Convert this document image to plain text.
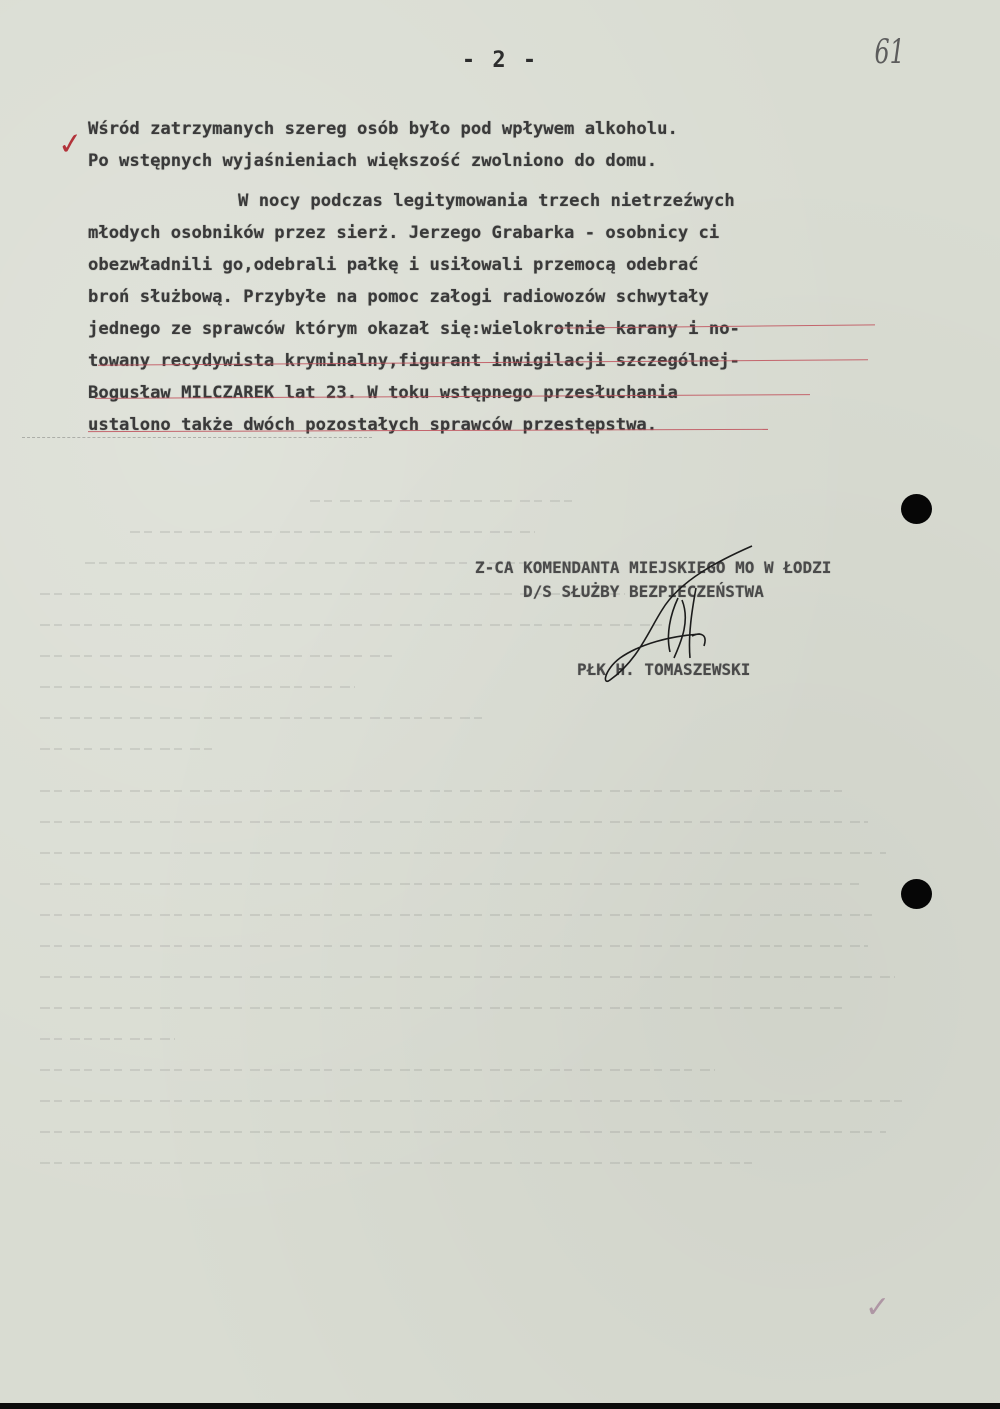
- 2 -	61
✓ Wśród zatrzymanych szereg osób było pod wpływem alkoholu.

Po wstępnych wyjaśnieniach większość zwolniono do domu.

W nocy podczas legitymowania trzech nietrzeźwych

młodych osobników przez sierż. Jerzego Grabarka - osobnicy ci

obezwładnili go,odebrali pałkę i usiłowali przemocą odebrać

broń służbową. Przybyłe na pomoc załogi radiowozów schwytały

jednego ze sprawców którym okazał się:wielokrotnie karany i no-

towany recydywista kryminalny,figurant inwigilacji szczególnej-

Bogusław MILCZAREK lat 23. W toku wstępnego przesłuchania

ustalono także dwóch pozostałych sprawców przestępstwa.

Z-CA KOMENDANTA MIEJSKIEGO MO W ŁODZI
D/S SŁUŻBY BEZPIECZEŃSTWA
PŁK H. TOMASZEWSKI
✓
